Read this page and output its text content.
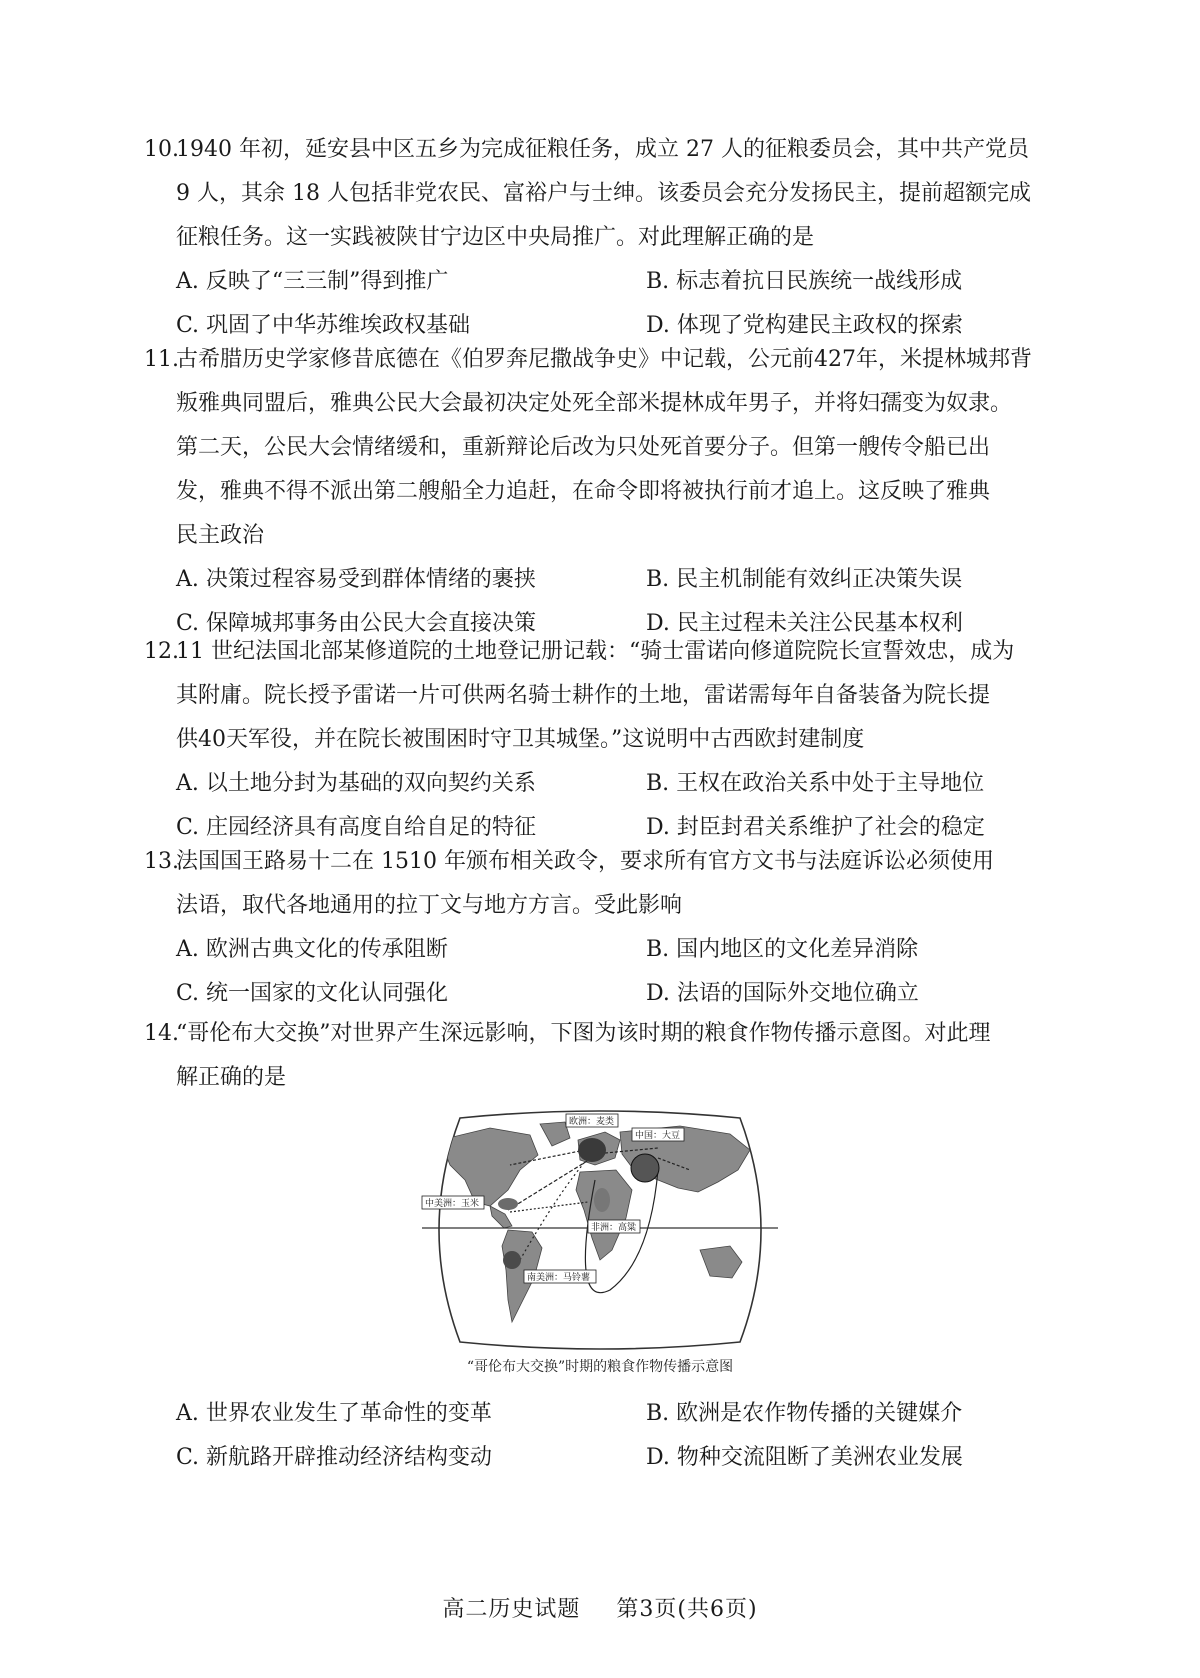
10.1940 年初，延安县中区五乡为完成征粮任务，成立 27 人的征粮委员会，其中共产党员
9 人，其余 18 人包括非党农民、富裕户与士绅。该委员会充分发扬民主，提前超额完成
征粮任务。这一实践被陕甘宁边区中央局推广。对此理解正确的是

A. 反映了“三三制”得到推广	B. 标志着抗日民族统一战线形成
C. 巩固了中华苏维埃政权基础	D. 体现了党构建民主政权的探索

11.古希腊历史学家修昔底德在《伯罗奔尼撒战争史》中记载，公元前427年，米提林城邦背
叛雅典同盟后，雅典公民大会最初决定处死全部米提林成年男子，并将妇孺变为奴隶。
第二天，公民大会情绪缓和，重新辩论后改为只处死首要分子。但第一艘传令船已出
发，雅典不得不派出第二艘船全力追赶，在命令即将被执行前才追上。这反映了雅典
民主政治

A. 决策过程容易受到群体情绪的裹挟	B. 民主机制能有效纠正决策失误
C. 保障城邦事务由公民大会直接决策	D. 民主过程未关注公民基本权利

12.11 世纪法国北部某修道院的土地登记册记载：“骑士雷诺向修道院院长宣誓效忠，成为
其附庸。院长授予雷诺一片可供两名骑士耕作的土地，雷诺需每年自备装备为院长提
供40天军役，并在院长被围困时守卫其城堡。”这说明中古西欧封建制度

A. 以土地分封为基础的双向契约关系	B. 王权在政治关系中处于主导地位
C. 庄园经济具有高度自给自足的特征	D. 封臣封君关系维护了社会的稳定

13.法国国王路易十二在 1510 年颁布相关政令，要求所有官方文书与法庭诉讼必须使用
法语，取代各地通用的拉丁文与地方方言。受此影响

A. 欧洲古典文化的传承阻断	B. 国内地区的文化差异消除
C. 统一国家的文化认同强化	D. 法语的国际外交地位确立

14.“哥伦布大交换”对世界产生深远影响，下图为该时期的粮食作物传播示意图。对此理
解正确的是

欧洲：麦类
中国：大豆
中美洲：玉米
非洲：高粱
南美洲：马铃薯
“哥伦布大交换”时期的粮食作物传播示意图
A. 世界农业发生了革命性的变革	B. 欧洲是农作物传播的关键媒介
C. 新航路开辟推动经济结构变动	D. 物种交流阻断了美洲农业发展
高二历史试题 第3页(共6页)
